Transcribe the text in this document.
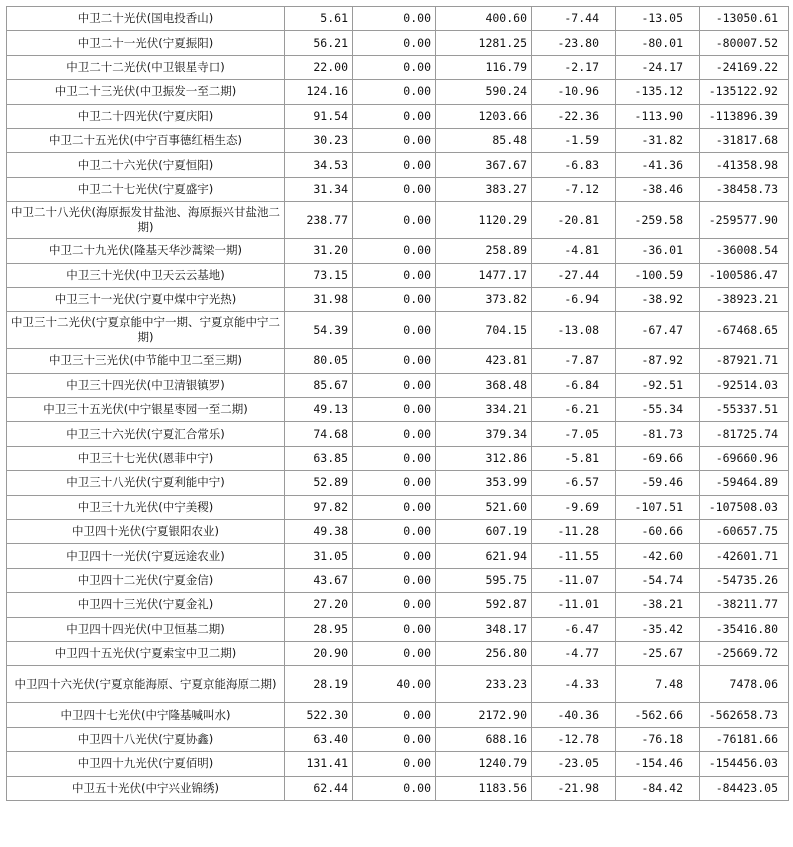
中卫二十光伏(国电投香山)	5.61	0.00	400.60	-7.44	-13.05	-13050.61
中卫二十一光伏(宁夏振阳)	56.21	0.00	1281.25	-23.80	-80.01	-80007.52
中卫二十二光伏(中卫银星寺口)	22.00	0.00	116.79	-2.17	-24.17	-24169.22
中卫二十三光伏(中卫振发一至二期)	124.16	0.00	590.24	-10.96	-135.12	-135122.92
中卫二十四光伏(宁夏庆阳)	91.54	0.00	1203.66	-22.36	-113.90	-113896.39
中卫二十五光伏(中宁百事德红梧生态)	30.23	0.00	85.48	-1.59	-31.82	-31817.68
中卫二十六光伏(宁夏恒阳)	34.53	0.00	367.67	-6.83	-41.36	-41358.98
中卫二十七光伏(宁夏盛宇)	31.34	0.00	383.27	-7.12	-38.46	-38458.73
中卫二十八光伏(海原振发甘盐池、海原振兴甘盐池二期)	238.77	0.00	1120.29	-20.81	-259.58	-259577.90
中卫二十九光伏(隆基天华沙蒿梁一期)	31.20	0.00	258.89	-4.81	-36.01	-36008.54
中卫三十光伏(中卫天云云基地)	73.15	0.00	1477.17	-27.44	-100.59	-100586.47
中卫三十一光伏(宁夏中煤中宁光热)	31.98	0.00	373.82	-6.94	-38.92	-38923.21
中卫三十二光伏(宁夏京能中宁一期、宁夏京能中宁二期)	54.39	0.00	704.15	-13.08	-67.47	-67468.65
中卫三十三光伏(中节能中卫二至三期)	80.05	0.00	423.81	-7.87	-87.92	-87921.71
中卫三十四光伏(中卫清银镇罗)	85.67	0.00	368.48	-6.84	-92.51	-92514.03
中卫三十五光伏(中宁银星枣园一至二期)	49.13	0.00	334.21	-6.21	-55.34	-55337.51
中卫三十六光伏(宁夏汇合常乐)	74.68	0.00	379.34	-7.05	-81.73	-81725.74
中卫三十七光伏(恩菲中宁)	63.85	0.00	312.86	-5.81	-69.66	-69660.96
中卫三十八光伏(宁夏利能中宁)	52.89	0.00	353.99	-6.57	-59.46	-59464.89
中卫三十九光伏(中宁美稷)	97.82	0.00	521.60	-9.69	-107.51	-107508.03
中卫四十光伏(宁夏银阳农业)	49.38	0.00	607.19	-11.28	-60.66	-60657.75
中卫四十一光伏(宁夏远途农业)	31.05	0.00	621.94	-11.55	-42.60	-42601.71
中卫四十二光伏(宁夏金信)	43.67	0.00	595.75	-11.07	-54.74	-54735.26
中卫四十三光伏(宁夏金礼)	27.20	0.00	592.87	-11.01	-38.21	-38211.77
中卫四十四光伏(中卫恒基二期)	28.95	0.00	348.17	-6.47	-35.42	-35416.80
中卫四十五光伏(宁夏索宝中卫二期)	20.90	0.00	256.80	-4.77	-25.67	-25669.72
中卫四十六光伏(宁夏京能海原、宁夏京能海原二期)	28.19	40.00	233.23	-4.33	7.48	7478.06
中卫四十七光伏(中宁隆基喊叫水)	522.30	0.00	2172.90	-40.36	-562.66	-562658.73
中卫四十八光伏(宁夏协鑫)	63.40	0.00	688.16	-12.78	-76.18	-76181.66
中卫四十九光伏(宁夏佰明)	131.41	0.00	1240.79	-23.05	-154.46	-154456.03
中卫五十光伏(中宁兴业锦绣)	62.44	0.00	1183.56	-21.98	-84.42	-84423.05
